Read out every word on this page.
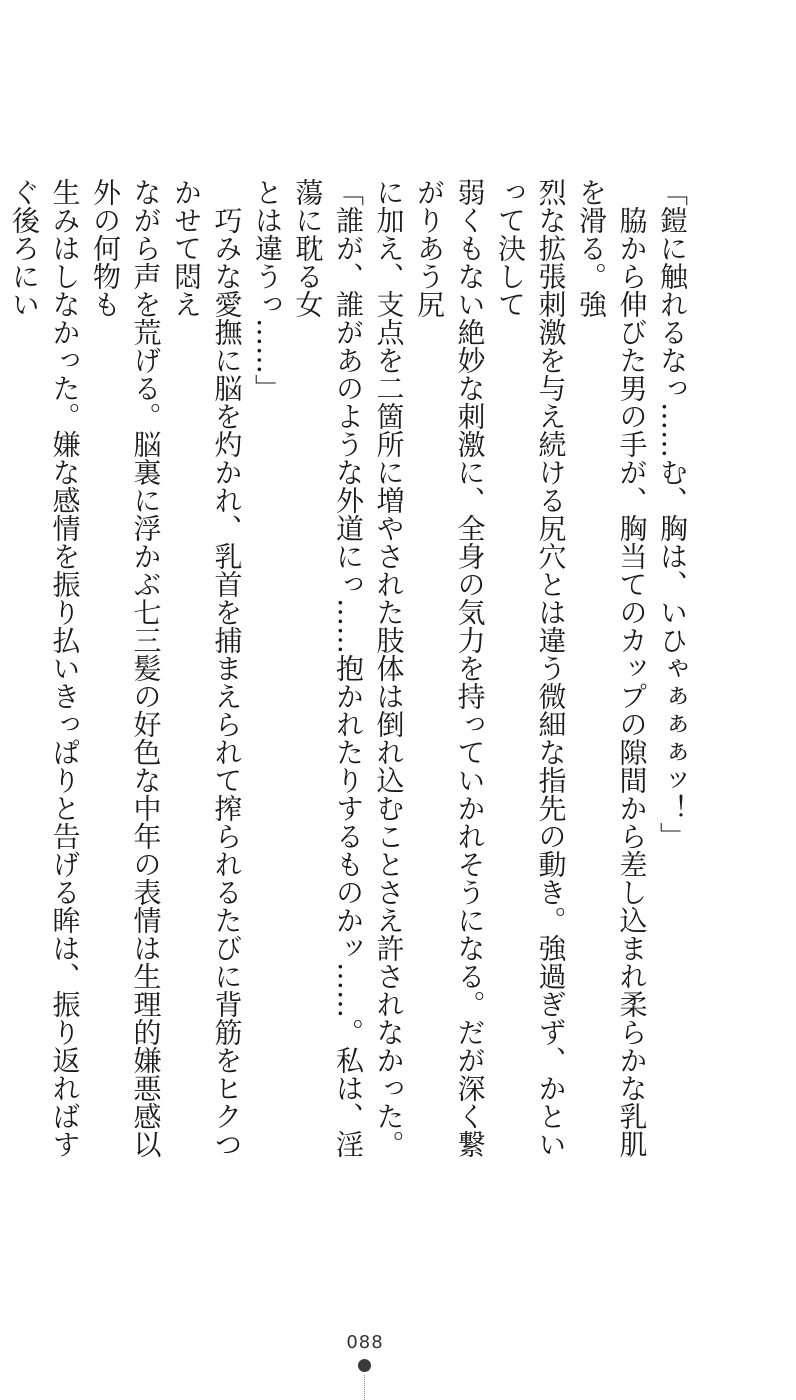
「鎧に触れるなっ……む、胸は、いひゃぁぁぁッ！」
　脇から伸びた男の手が、胸当てのカップの隙間から差し込まれ柔らかな乳肌を滑る。強
烈な拡張刺激を与え続ける尻穴とは違う微細な指先の動き。強過ぎず、かといって決して
弱くもない絶妙な刺激に、全身の気力を持っていかれそうになる。だが深く繋がりあう尻
に加え、支点を二箇所に増やされた肢体は倒れ込むことさえ許されなかった。
「誰が、誰があのような外道にっ……抱かれたりするものかッ……。私は、淫蕩に耽る女
とは違うっ……」
　巧みな愛撫に脳を灼かれ、乳首を捕まえられて搾られるたびに背筋をヒクつかせて悶え
ながら声を荒げる。脳裏に浮かぶ七三髪の好色な中年の表情は生理的嫌悪感以外の何物も
生みはしなかった。嫌な感情を振り払いきっぱりと告げる眸は、振り返ればすぐ後ろにい
088
